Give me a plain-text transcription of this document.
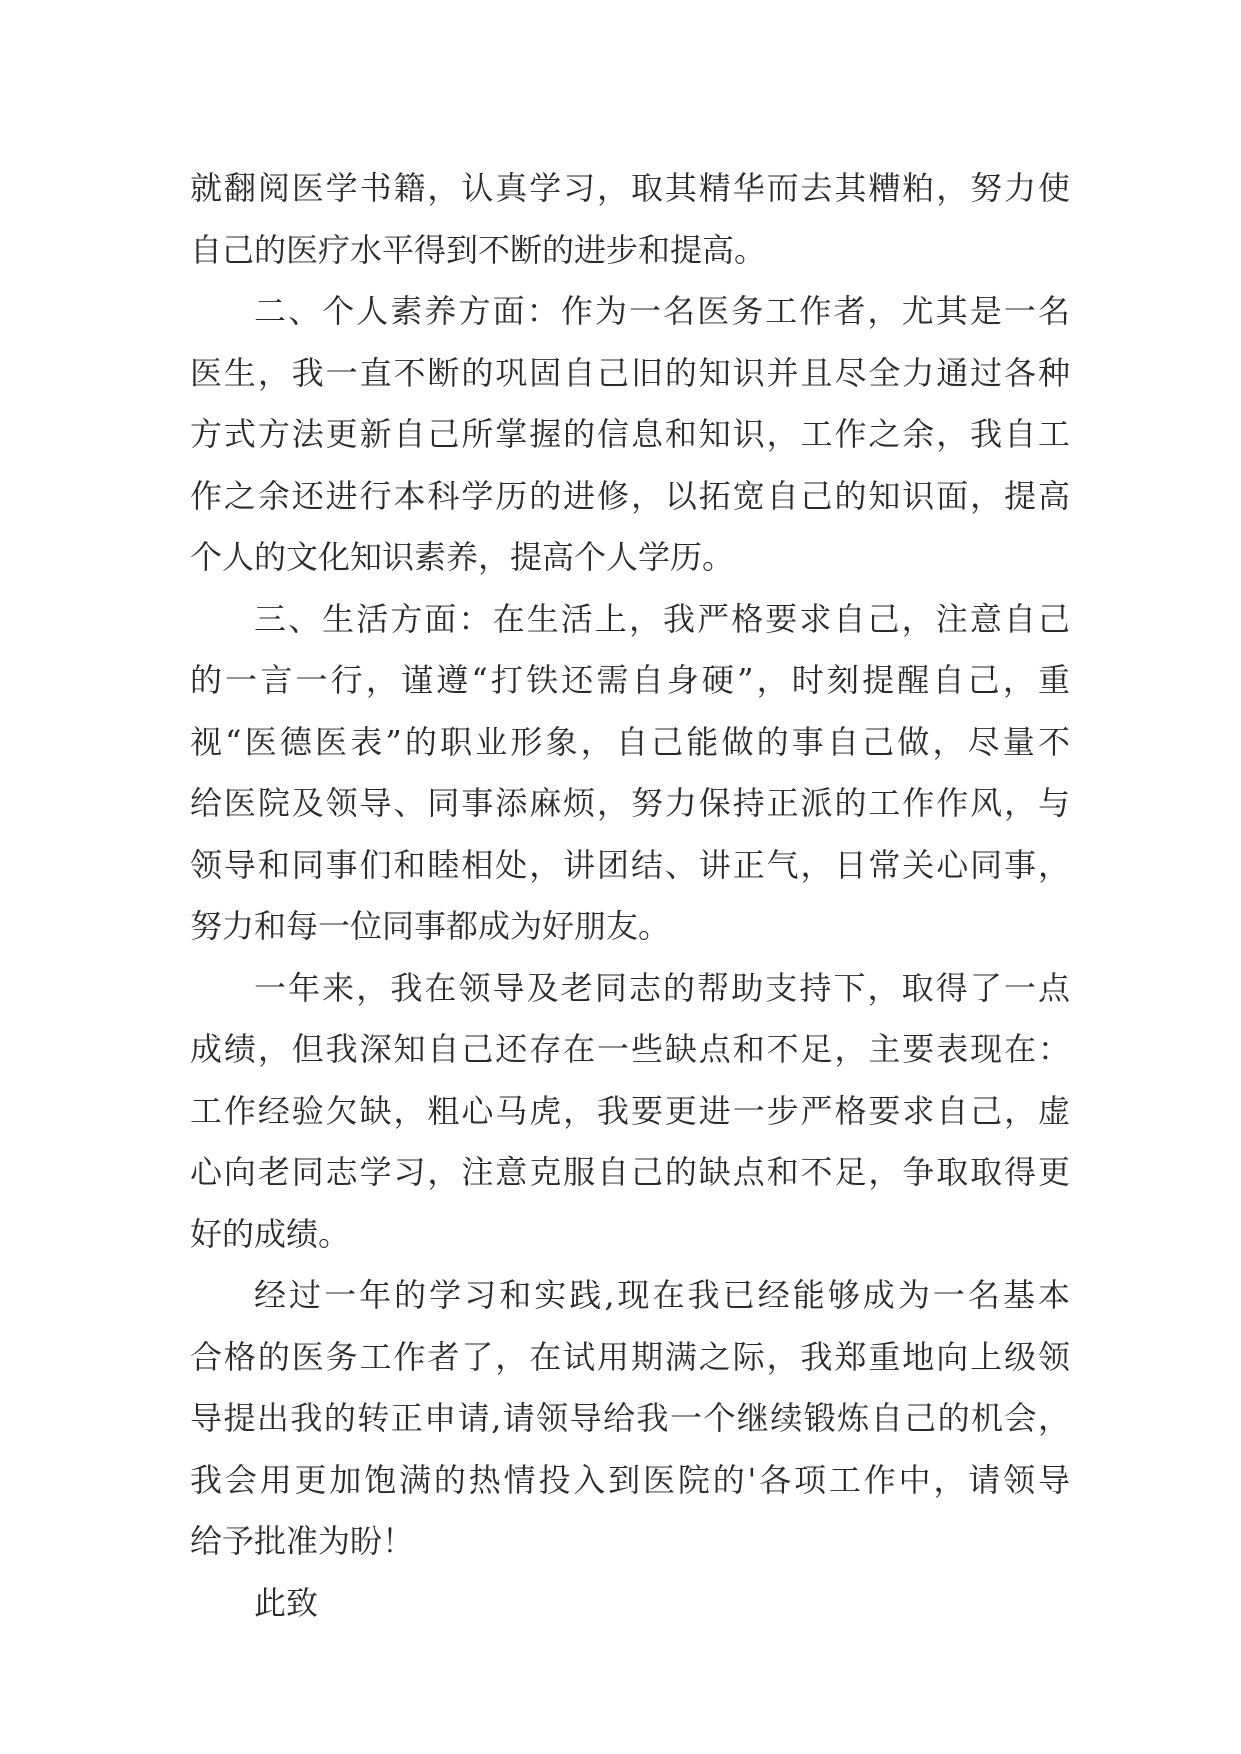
就翻阅医学书籍，认真学习，取其精华而去其糟粕，努力使
自己的医疗水平得到不断的进步和提高。
二、个人素养方面：作为一名医务工作者，尤其是一名
医生，我一直不断的巩固自己旧的知识并且尽全力通过各种
方式方法更新自己所掌握的信息和知识，工作之余，我自工
作之余还进行本科学历的进修，以拓宽自己的知识面，提高
个人的文化知识素养，提高个人学历。
三、生活方面：在生活上，我严格要求自己，注意自己
的一言一行，谨遵“打铁还需自身硬”，时刻提醒自己，重
视“医德医表”的职业形象，自己能做的事自己做，尽量不
给医院及领导、同事添麻烦，努力保持正派的工作作风，与
领导和同事们和睦相处，讲团结、讲正气，日常关心同事，
努力和每一位同事都成为好朋友。
一年来，我在领导及老同志的帮助支持下，取得了一点
成绩，但我深知自己还存在一些缺点和不足，主要表现在：
工作经验欠缺，粗心马虎，我要更进一步严格要求自己，虚
心向老同志学习，注意克服自己的缺点和不足，争取取得更
好的成绩。
经过一年的学习和实践,现在我已经能够成为一名基本
合格的医务工作者了，在试用期满之际，我郑重地向上级领
导提出我的转正申请,请领导给我一个继续锻炼自己的机会，
我会用更加饱满的热情投入到医院的'各项工作中，请领导
给予批准为盼！
此致
